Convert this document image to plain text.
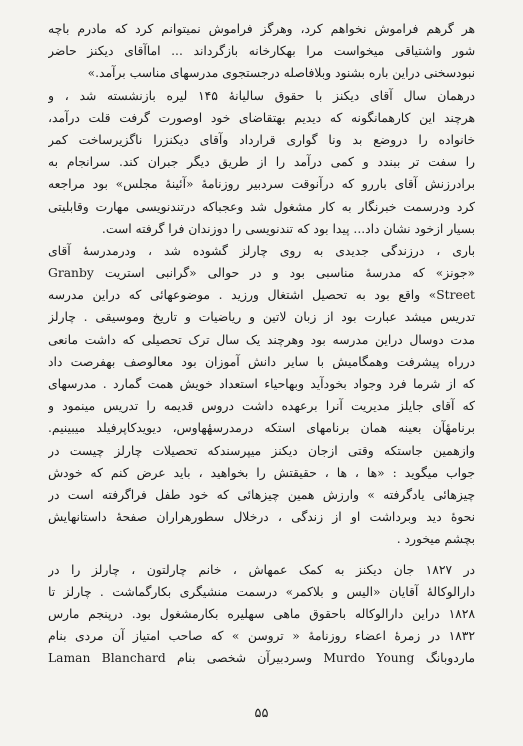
هر گرهم فراموش نخواهم کرد، وهرگز فراموش نمیتوانم کرد که مادرم باچه
شور واشتیاقی میخواست مرا بهکارخانه بازگرداند ... اماآقای دیکنز حاضر
نبودسخنی دراین باره بشنود وبلافاصله درجستجوی مدرسهای مناسب برآمد.»
درهمان سال آقای دیکنز با حقوق سالیانهٔ ۱۴۵ لیره بازنشسته شد ، و
هرچند این کارهمانگونه که دیدیم بهتقاضای خود اوصورت گرفت قلت درآمد،
خانواده را دروضع بد ونا گواری قرارداد وآقای دیکنزرا ناگزیرساخت کمر
را سفت تر ببندد و کمی درآمد را از طریق دیگر جبران کند. سرانجام به
برادرزنش آقای باررو که درآنوقت سردبیر روزنامهٔ «آئینهٔ مجلس» بود مراجعه
کرد ودرسمت خبرنگار به کار مشغول شد وعجباکه درتندنویسی مهارت وقابلیتی
بسیار ازخود نشان داد... پیدا بود که تندنویسی را دوزندان فرا گرفته است.
باری ، درزندگی جدیدی به روی چارلز گشوده شد ، ودرمدرسهٔ آقای
«جونز» که مدرسهٔ مناسبی بود و در حوالی «گرانبی استریت Granby
Street» واقع بود به تحصیل اشتغال ورزید . موضوعهائی که دراین مدرسه
تدریس میشد عبارت بود از زبان لاتین و ریاضیات و تاریخ وموسیقی . چارلز
مدت دوسال دراین مدرسه بود وهرچند یک سال ترک تحصیلی که داشت مانعی
درراه پیشرفت وهمگامیش با سایر دانش آموزان بود معالوصف بهفرصت داد
که از شرما فرد وجواد بخودآید وبهاحیاء استعداد خویش همت گمارد . مدرسهای
که آقای جایلز مدیریت آنرا برعهده داشت دروس قدیمه را تدریس مینمود و
برنامهٔآن بعینه همان برنامهای استکه درمدرسهٔهاوس، دیویدکاپرفیلد میبینیم.
وازهمین جاستکه وقتی ازجان دیکنز میپرسندکه تحصیلات چارلز چیست در
جواب میگوید : «ها ، ها ، حقیقتش را بخواهید ، باید عرض کنم که خودش
چیزهائی یادگرفته » وارزش همین چیزهائی که خود طفل فراگرفته است در
نحوهٔ دید وبرداشت او از زندگی ، درخلال سطورهراران صفحهٔ داستانهایش
بچشم میخورد .
در ۱۸۲۷ جان دیکنز به کمک عمهاش ، خانم چارلتون ، چارلز را در
دارالوکالهٔ آقایان «الیس و بلاکمر» درسمت منشیگری بکارگماشت . چارلز تا
۱۸۲۸ دراین دارالوکاله باحقوق ماهی سهلیره بکارمشغول بود. درپنجم مارس
۱۸۳۲ در زمرهٔ اعضاء روزنامهٔ « تروسن » که صاحب امتیاز آن مردی بنام
ماردوبانگ Murdo Young وسردبیرآن شخصی بنام Laman Blanchard
۵۵
